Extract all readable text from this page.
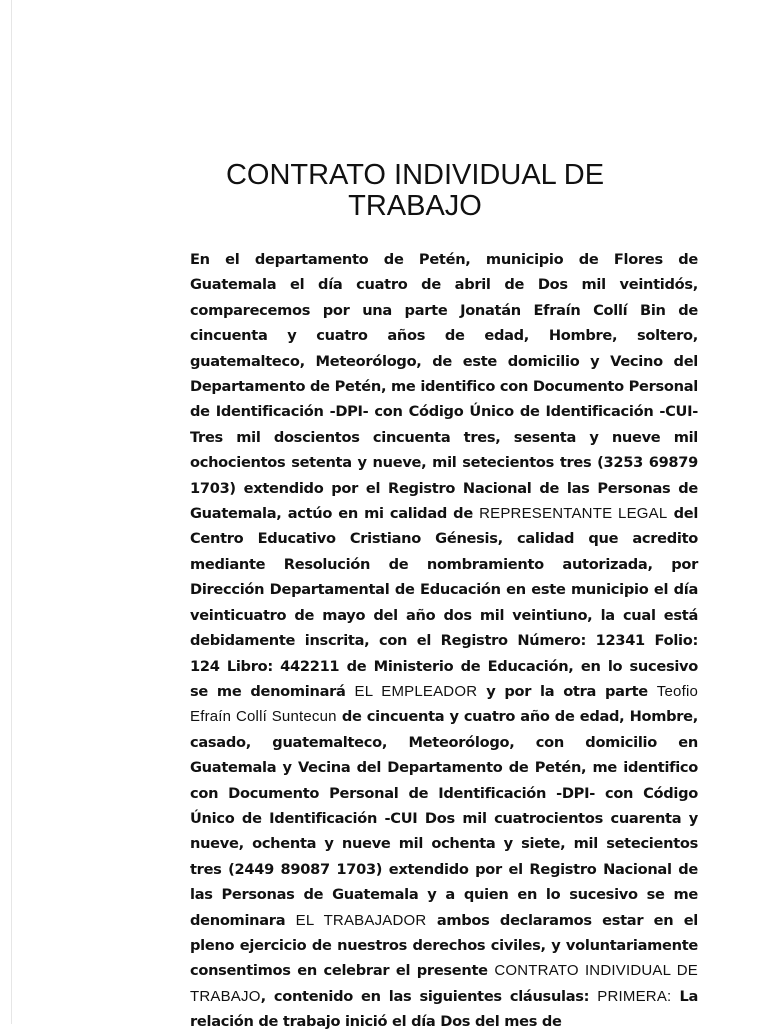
CONTRATO INDIVIDUAL DE
TRABAJO
En el departamento de Petén, municipio de Flores de Guatemala el día cuatro de abril de Dos mil veintidós, comparecemos por una parte Jonatán Efraín Collí Bin de cincuenta y cuatro años de edad, Hombre, soltero, guatemalteco, Meteorólogo, de este domicilio y Vecino del Departamento de Petén, me identifico con Documento Personal de Identificación -DPI- con Código Único de Identificación -CUI- Tres mil doscientos cincuenta tres, sesenta y nueve mil ochocientos setenta y nueve, mil setecientos tres (3253 69879 1703) extendido por el Registro Nacional de las Personas de Guatemala, actúo en mi calidad de REPRESENTANTE LEGAL del Centro Educativo Cristiano Génesis, calidad que acredito mediante Resolución de nombramiento autorizada, por Dirección Departamental de Educación en este municipio el día veinticuatro de mayo del año dos mil veintiuno, la cual está debidamente inscrita, con el Registro Número: 12341 Folio: 124 Libro: 442211 de Ministerio de Educación, en lo sucesivo se me denominará EL EMPLEADOR y por la otra parte Teofio Efraín Collí Suntecun de cincuenta y cuatro año de edad, Hombre, casado, guatemalteco, Meteorólogo, con domicilio en Guatemala y Vecina del Departamento de Petén, me identifico con Documento Personal de Identificación -DPI- con Código Único de Identificación -CUI Dos mil cuatrocientos cuarenta y nueve, ochenta y nueve mil ochenta y siete, mil setecientos tres (2449 89087 1703) extendido por el Registro Nacional de las Personas de Guatemala y a quien en lo sucesivo se me denominara EL TRABAJADOR ambos declaramos estar en el pleno ejercicio de nuestros derechos civiles, y voluntariamente consentimos en celebrar el presente CONTRATO INDIVIDUAL DE TRABAJO, contenido en las siguientes cláusulas: PRIMERA: La relación de trabajo inició el día Dos del mes de
